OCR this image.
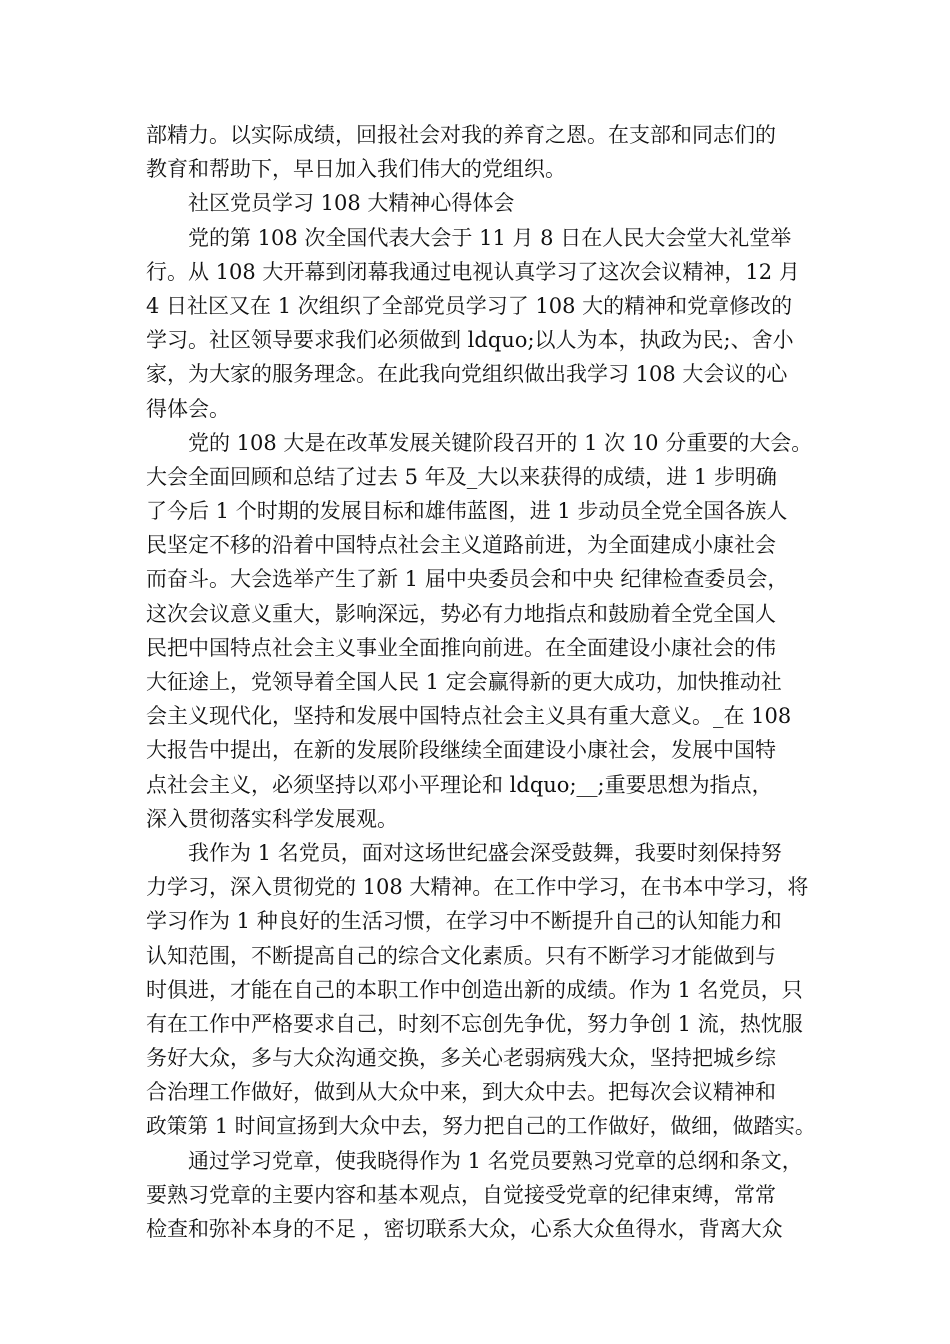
部精力。以实际成绩，回报社会对我的养育之恩。在支部和同志们的
教育和帮助下，早日加入我们伟大的党组织。
社区党员学习 108 大精神心得体会
党的第 108 次全国代表大会于 11 月 8 日在人民大会堂大礼堂举
行。从 108 大开幕到闭幕我通过电视认真学习了这次会议精神，12 月
4 日社区又在 1 次组织了全部党员学习了 108 大的精神和党章修改的
学习。社区领导要求我们必须做到 ldquo;以人为本，执政为民;、舍小
家，为大家的服务理念。在此我向党组织做出我学习 108 大会议的心
得体会。
党的 108 大是在改革发展关键阶段召开的 1 次 10 分重要的大会。
大会全面回顾和总结了过去 5 年及_大以来获得的成绩，进 1 步明确
了今后 1 个时期的发展目标和雄伟蓝图，进 1 步动员全党全国各族人
民坚定不移的沿着中国特点社会主义道路前进，为全面建成小康社会
而奋斗。大会选举产生了新 1 届中央委员会和中央 纪律检查委员会，
这次会议意义重大，影响深远，势必有力地指点和鼓励着全党全国人
民把中国特点社会主义事业全面推向前进。在全面建设小康社会的伟
大征途上，党领导着全国人民 1 定会赢得新的更大成功，加快推动社
会主义现代化，坚持和发展中国特点社会主义具有重大意义。_在 108
大报告中提出，在新的发展阶段继续全面建设小康社会，发展中国特
点社会主义，必须坚持以邓小平理论和 ldquo;__;重要思想为指点，
深入贯彻落实科学发展观。
我作为 1 名党员，面对这场世纪盛会深受鼓舞，我要时刻保持努
力学习，深入贯彻党的 108 大精神。在工作中学习，在书本中学习，将
学习作为 1 种良好的生活习惯，在学习中不断提升自己的认知能力和
认知范围，不断提高自己的综合文化素质。只有不断学习才能做到与
时俱进，才能在自己的本职工作中创造出新的成绩。作为 1 名党员，只
有在工作中严格要求自己，时刻不忘创先争优，努力争创 1 流，热忱服
务好大众，多与大众沟通交换，多关心老弱病残大众，坚持把城乡综
合治理工作做好，做到从大众中来，到大众中去。把每次会议精神和
政策第 1 时间宣扬到大众中去，努力把自己的工作做好，做细，做踏实。
通过学习党章，使我晓得作为 1 名党员要熟习党章的总纲和条文，
要熟习党章的主要内容和基本观点，自觉接受党章的纪律束缚，常常
检查和弥补本身的不足 ，密切联系大众，心系大众鱼得水，背离大众
